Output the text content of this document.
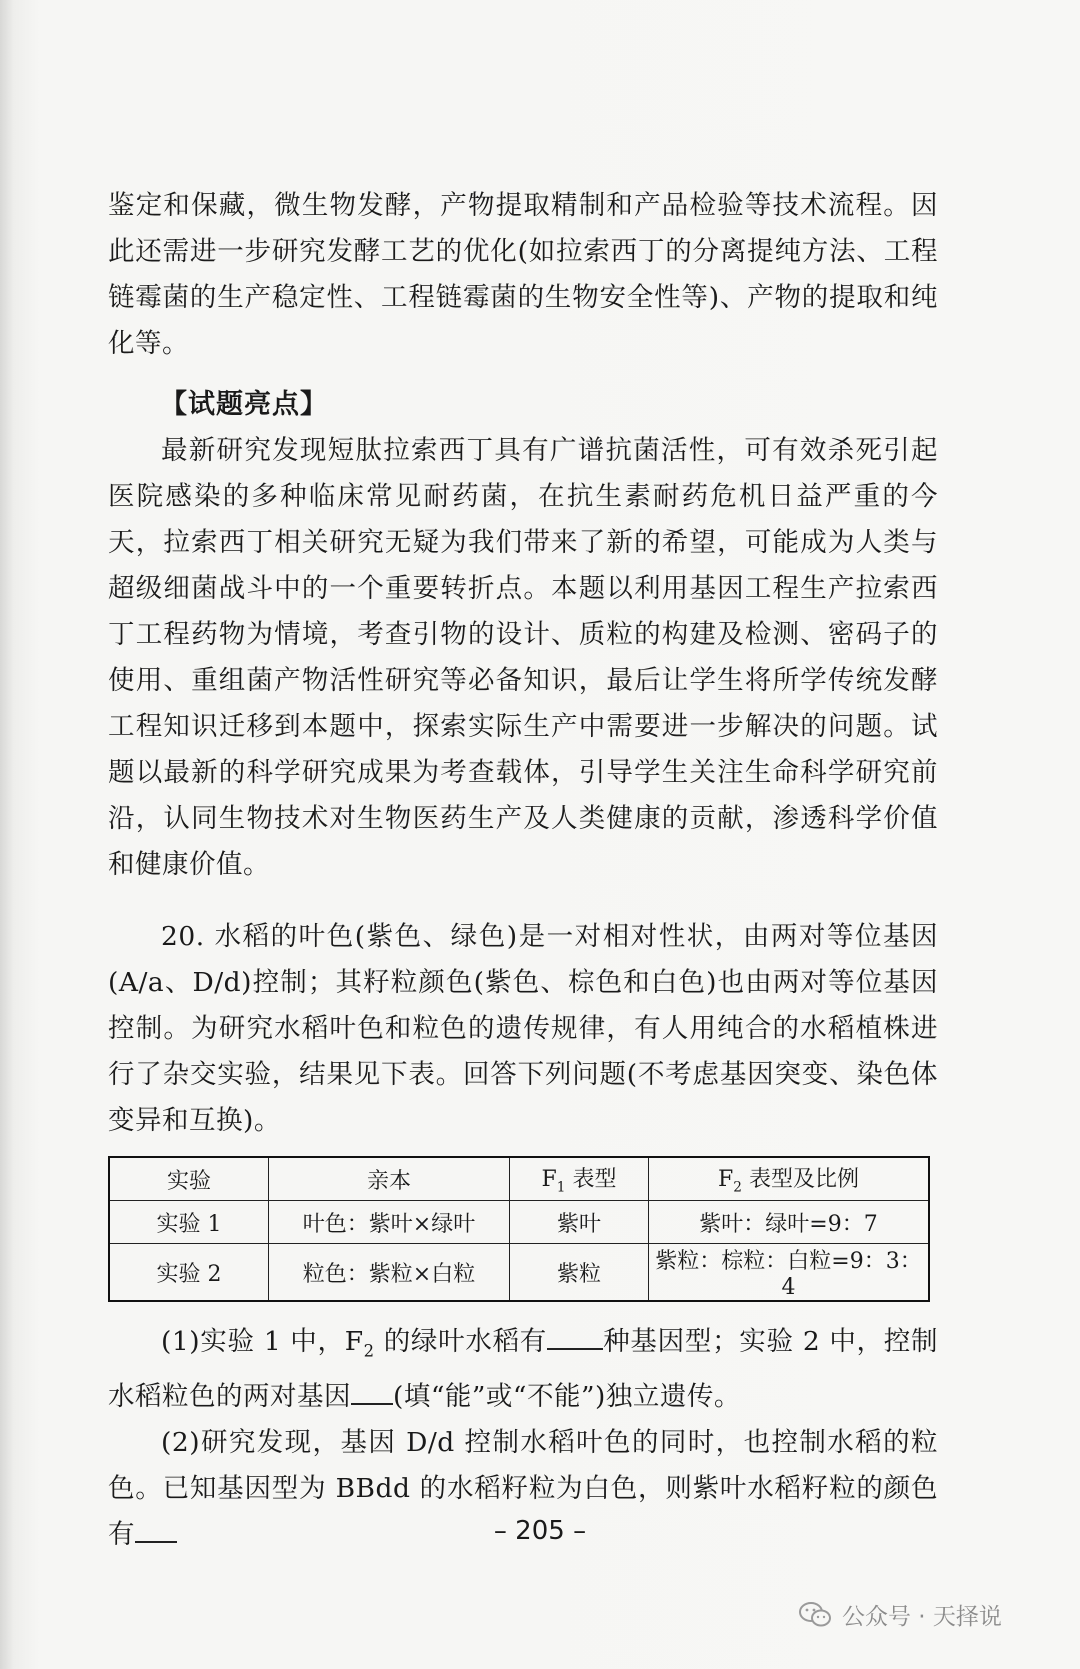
鉴定和保藏，微生物发酵，产物提取精制和产品检验等技术流程。因此还需进一步研究发酵工艺的优化(如拉索西丁的分离提纯方法、工程链霉菌的生产稳定性、工程链霉菌的生物安全性等)、产物的提取和纯化等。

【试题亮点】

最新研究发现短肽拉索西丁具有广谱抗菌活性，可有效杀死引起医院感染的多种临床常见耐药菌，在抗生素耐药危机日益严重的今天，拉索西丁相关研究无疑为我们带来了新的希望，可能成为人类与超级细菌战斗中的一个重要转折点。本题以利用基因工程生产拉索西丁工程药物为情境，考查引物的设计、质粒的构建及检测、密码子的使用、重组菌产物活性研究等必备知识，最后让学生将所学传统发酵工程知识迁移到本题中，探索实际生产中需要进一步解决的问题。试题以最新的科学研究成果为考查载体，引导学生关注生命科学研究前沿，认同生物技术对生物医药生产及人类健康的贡献，渗透科学价值和健康价值。

20. 水稻的叶色(紫色、绿色)是一对相对性状，由两对等位基因(A/a、D/d)控制；其籽粒颜色(紫色、棕色和白色)也由两对等位基因控制。为研究水稻叶色和粒色的遗传规律，有人用纯合的水稻植株进行了杂交实验，结果见下表。回答下列问题(不考虑基因突变、染色体变异和互换)。

实验	亲本	$F_1$ 表型	$F_2$ 表型及比例
实验 1	叶色：紫叶×绿叶	紫叶	紫叶：绿叶=9：7
实验 2	粒色：紫粒×白粒	紫粒	紫粒：棕粒：白粒=9：3：4

(1)实验 1 中，$F_2$ 的绿叶水稻有 种基因型；实验 2 中，控制水稻粒色的两对基因 (填“能”或“不能”)独立遗传。

(2)研究发现，基因 D/d 控制水稻叶色的同时，也控制水稻的粒色。已知基因型为 BBdd 的水稻籽粒为白色，则紫叶水稻籽粒的颜色有	– 205 –
公众号 · 天择说
